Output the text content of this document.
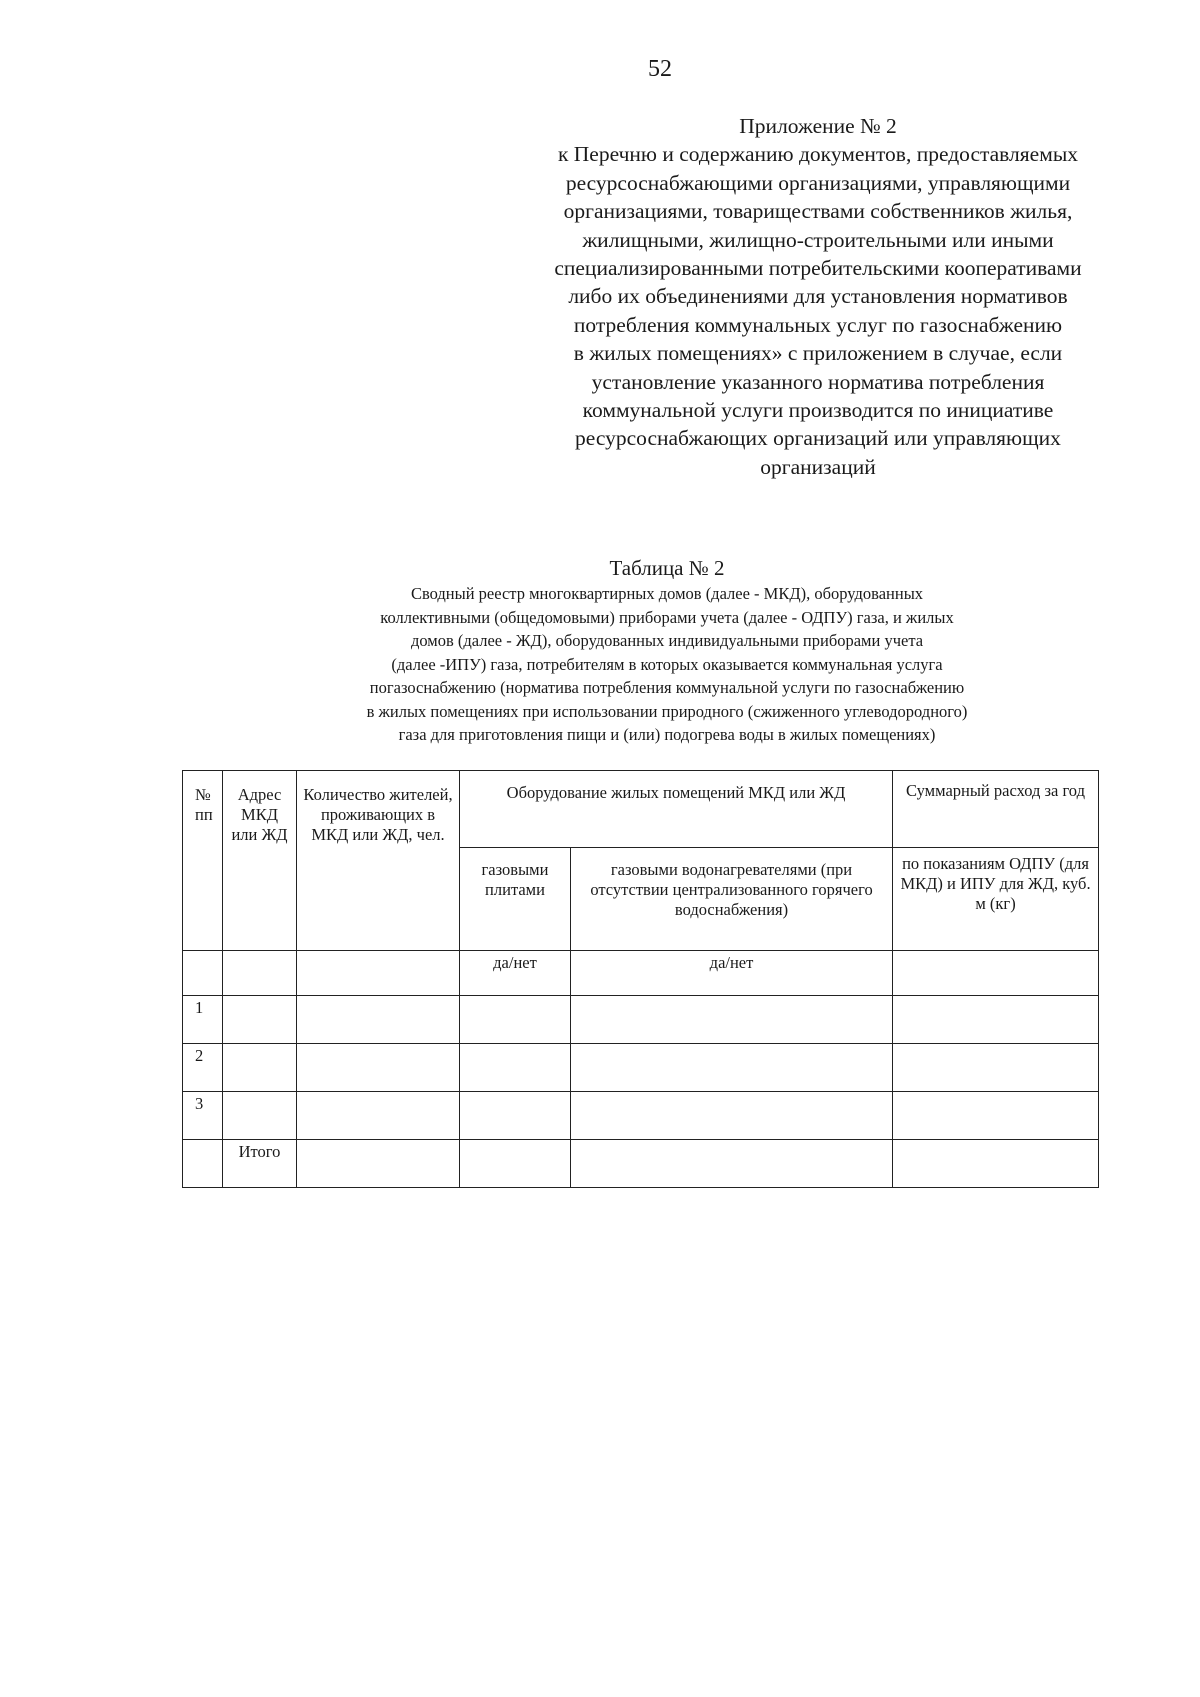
52
Приложение № 2
к Перечню и содержанию документов, предоставляемых
ресурсоснабжающими организациями, управляющими
организациями, товариществами собственников жилья,
жилищными, жилищно-строительными или иными
специализированными потребительскими кооперативами
либо их объединениями для установления нормативов
потребления коммунальных услуг по газоснабжению
в жилых помещениях» с приложением в случае, если
установление указанного норматива потребления
коммунальной услуги производится по инициативе
ресурсоснабжающих организаций или управляющих
организаций
Таблица № 2
Сводный реестр многоквартирных домов (далее - МКД), оборудованных
коллективными (общедомовыми) приборами учета (далее - ОДПУ) газа, и жилых
домов (далее - ЖД), оборудованных индивидуальными приборами учета
(далее -ИПУ) газа, потребителям в которых оказывается коммунальная услуга
погазоснабжению (норматива потребления коммунальной услуги по газоснабжению
в жилых помещениях при использовании природного (сжиженного углеводородного)
газа для приготовления пищи и (или) подогрева воды в жилых помещениях)
№ пп	Адрес МКД или ЖД	Количество жителей, проживающих в МКД или ЖД, чел.	Оборудование жилых помещений МКД или ЖД		Суммарный расход за год
			газовыми плитами	газовыми водонагревателями (при отсутствии централизованного горячего водоснабжения)	по показаниям ОДПУ (для МКД) и ИПУ для ЖД, куб. м (кг)
			да/нет	да/нет	
1					
2					
3					
	Итого				
